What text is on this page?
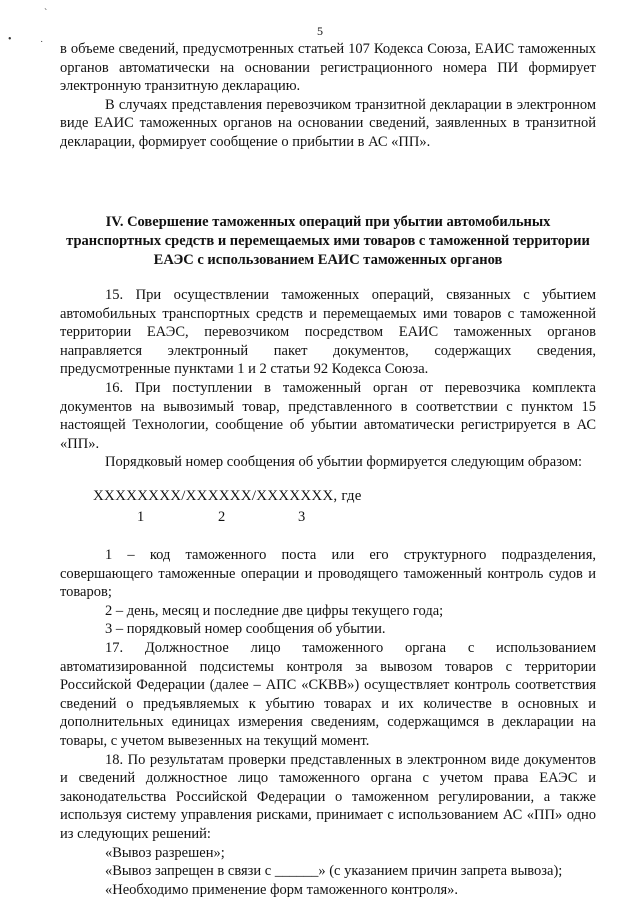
•
ˋ
˙
5

в объеме сведений, предусмотренных статьей 107 Кодекса Союза, ЕАИС таможенных органов автоматически на основании регистрационного номера ПИ формирует электронную транзитную декларацию.

В случаях представления перевозчиком транзитной декларации в электронном виде ЕАИС таможенных органов на основании сведений, заявленных в транзитной декларации, формирует сообщение о прибытии в АС «ПП».

IV. Совершение таможенных операций при убытии автомобильных транспортных средств и перемещаемых ими товаров с таможенной территории ЕАЭС с использованием ЕАИС таможенных органов

15. При осуществлении таможенных операций, связанных с убытием автомобильных транспортных средств и перемещаемых ими товаров с таможенной территории ЕАЭС, перевозчиком посредством ЕАИС таможенных органов направляется электронный пакет документов, содержащих сведения, предусмотренные пунктами 1 и 2 статьи 92 Кодекса Союза.

16. При поступлении в таможенный орган от перевозчика комплекта документов на вывозимый товар, представленного в соответствии с пунктом 15 настоящей Технологии, сообщение об убытии автоматически регистрируется в АС «ПП».

Порядковый номер сообщения об убытии формируется следующим образом:

XXXXXXXX/XXXXXX/XXXXXXX, где
1	2	3

1 – код таможенного поста или его структурного подразделения, совершающего таможенные операции и проводящего таможенный контроль судов и товаров;

2 – день, месяц и последние две цифры текущего года;

3 – порядковый номер сообщения об убытии.

17. Должностное лицо таможенного органа с использованием автоматизированной подсистемы контроля за вывозом товаров с территории Российской Федерации (далее – АПС «СКВВ») осуществляет контроль соответствия сведений о предъявляемых к убытию товарах и их количестве в основных и дополнительных единицах измерения сведениям, содержащимся в декларации на товары, с учетом вывезенных на текущий момент.

18. По результатам проверки представленных в электронном виде документов и сведений должностное лицо таможенного органа с учетом права ЕАЭС и законодательства Российской Федерации о таможенном регулировании, а также используя систему управления рисками, принимает с использованием АС «ПП» одно из следующих решений:

«Вывоз разрешен»;

«Вывоз запрещен в связи с ______» (с указанием причин запрета вывоза);

«Необходимо применение форм таможенного контроля».
